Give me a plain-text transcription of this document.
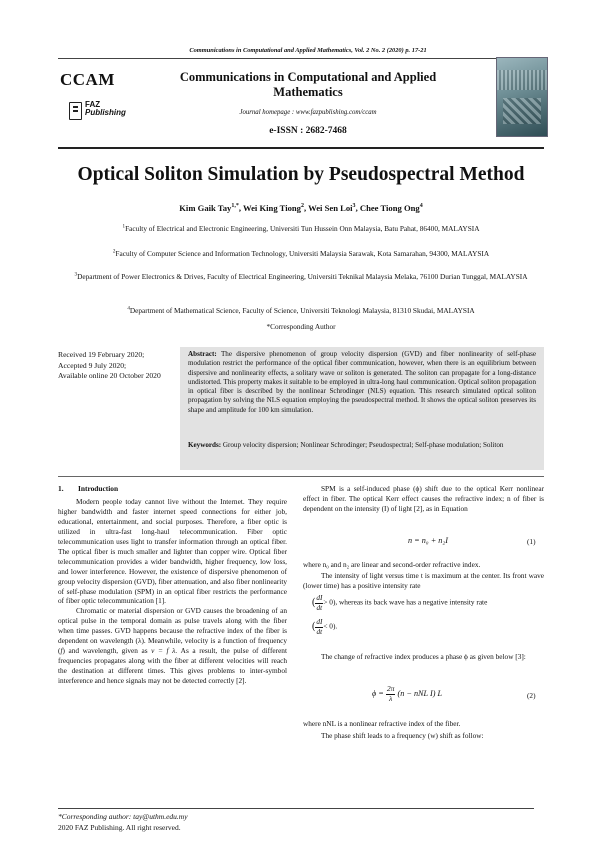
Communications in Computational and Applied Mathematics, Vol. 2 No. 2 (2020) p. 17-21
CCAM
FAZ
Publishing
Communications in Computational and Applied Mathematics
Journal homepage : www.fazpublishing.com/ccam
e-ISSN : 2682-7468
Optical Soliton Simulation by Pseudospectral Method
Kim Gaik Tay$^{1,*}$, Wei King Tiong$^2$, Wei Sen Loi$^3$, Chee Tiong Ong$^4$
$^1$Faculty of Electrical and Electronic Engineering, Universiti Tun Hussein Onn Malaysia, Batu Pahat, 86400, MALAYSIA
$^2$Faculty of Computer Science and Information Technology, Universiti Malaysia Sarawak, Kota Samarahan, 94300, MALAYSIA
$^3$Department of Power Electronics & Drives, Faculty of Electrical Engineering, Universiti Teknikal Malaysia Melaka, 76100 Durian Tunggal, MALAYSIA
$^4$Department of Mathematical Science, Faculty of Science, Universiti Teknologi Malaysia, 81310 Skudai, MALAYSIA
*Corresponding Author
Received 19 February 2020;
Accepted 9 July 2020;
Available online 20 October 2020
Abstract: The dispersive phenomenon of group velocity dispersion (GVD) and fiber nonlinearity of self-phase modulation restrict the performance of the optical fiber communication, however, when there is an equilibrium between dispersive and nonlinearity effects, a solitary wave or soliton is generated. The soliton can propagate for a long-distance undistorted. This property makes it suitable to be employed in ultra-long haul communication. Optical soliton propagation in optical fiber is described by the nonlinear Schrodinger (NLS) equation. This research simulated optical soliton propagation by solving the NLS equation employing the pseudospectral method. It shows the optical soliton preserves its shape and amplitude for 100 km simulation.
Keywords: Group velocity dispersion; Nonlinear Schrodinger; Pseudospectral; Self-phase modulation; Soliton
1. Introduction

Modern people today cannot live without the Internet. They require higher bandwidth and faster internet speed connections for either job, educational, entertainment, and social purposes. Therefore, a fiber optic is utilized in ultra-fast long-haul telecommunication. Fiber optic telecommunication uses light to transfer information through an optical fiber. The optical fiber is much smaller and lighter than copper wire. Optical fiber telecommunication provides a wider bandwidth, higher frequency, low loss, and lower interference. However, the existence of dispersive phenomenon of group velocity dispersion (GVD), fiber attenuation, and also fiber nonlinearity of self-phase modulation (SPM) in an optical fiber restricts the performance of fiber optic telecommunication [1].

Chromatic or material dispersion or GVD causes the broadening of an optical pulse in the temporal domain as pulse travels along with the fiber when time passes. GVD happens because the refractive index of the fiber is dependent on wavelength (λ). Meanwhile, velocity is a function of frequency (f) and wavelength, given as v = f λ. As a result, the pulse of different frequencies propagates along with the fiber at different velocities will reach the destination at different times. This gives problems to inter-symbol interference and hence signals may not be detected correctly [2].

SPM is a self-induced phase (ϕ) shift due to the optical Kerr nonlinear effect in fiber. The optical Kerr effect causes the refractive index; n of fiber is dependent on the intensity (I) of light [2], as in Equation

n = n₀ + n₂I	(1)

where n₀ and n₂ are linear and second-order refractive index.

The intensity of light versus time t is maximum at the center. Its front wave (lower time) has a positive intensity rate

( $\frac{dI}{dt} > 0$), whereas its back wave has a negative intensity rate
( $\frac{dI}{dt} < 0$).

The change of refractive index produces a phase ϕ as given below [3]:

$\phi = \frac{2\pi}{\lambda} (n$ − nNL I) L	(2)

where nNL is a nonlinear refractive index of the fiber.

The phase shift leads to a frequency (w) shift as follow:

*Corresponding author: tay@uthm.edu.my
2020 FAZ Publishing. All right reserved.
